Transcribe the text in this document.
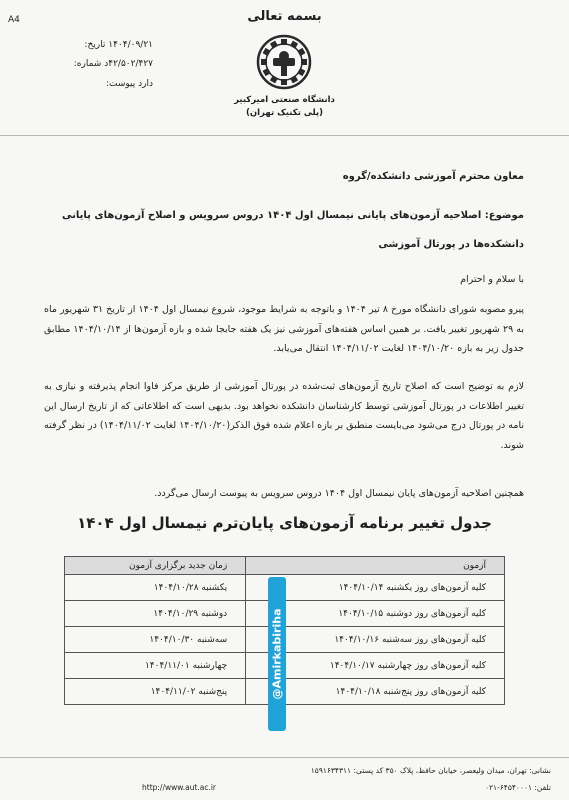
A4	بسمه تعالی
دانشگاه صنعتی امیرکبیر
(پلی تکنیک تهران)
تاریخ: ۱۴۰۴/۰۹/۲۱
شماره: ۴۲/۵۰۲/۴۲۷د
پیوست: دارد
معاون محترم آموزشی دانشکده/گروه
موضوع: اصلاحیه آزمون‌های پایانی نیمسال اول ۱۴۰۴ دروس سرویس و اصلاح آزمون‌های پایانی دانشکده‌ها در پورتال آموزشی
با سلام و احترام
پیرو مصوبه شورای دانشگاه مورخ ۸ تیر ۱۴۰۴ و باتوجه به شرایط موجود، شروع نیمسال اول ۱۴۰۴ از تاریخ ۳۱ شهریور ماه به ۲۹ شهریور تغییر یافت. بر همین اساس هفته‌های آموزشی نیز یک هفته جابجا شده و بازه آزمون‌ها از ۱۴۰۴/۱۰/۱۴ مطابق جدول زیر به بازه ۱۴۰۴/۱۰/۲۰ لغایت ۱۴۰۴/۱۱/۰۲ انتقال می‌یابد.
لازم به توضیح است که اصلاح تاریخ آزمون‌های ثبت‌شده در پورتال آموزشی از طریق مرکز فاوا انجام پذیرفته و نیازی به تغییر اطلاعات در پورتال آموزشی توسط کارشناسان دانشکده نخواهد بود. بدیهی است که اطلاعاتی که از تاریخ ارسال این نامه در پورتال درج می‌شود می‌بایست منطبق بر بازه اعلام شده فوق الذکر(۱۴۰۴/۱۰/۲۰ لغایت ۱۴۰۴/۱۱/۰۲) در نظر گرفته شوند.
همچنین اصلاحیه آزمون‌های پایان نیمسال اول ۱۴۰۴ دروس سرویس به پیوست ارسال می‌گردد.
جدول تغییر برنامه آزمون‌های پایان‌ترم نیمسال اول ۱۴۰۴
آزمون	زمان جدید برگزاری آزمون
کلیه آزمون‌های روز یکشنبه ۱۴۰۴/۱۰/۱۴	یکشنبه ۱۴۰۴/۱۰/۲۸
کلیه آزمون‌های روز دوشنبه ۱۴۰۴/۱۰/۱۵	دوشنبه ۱۴۰۴/۱۰/۲۹
کلیه آزمون‌های روز سه‌شنبه ۱۴۰۴/۱۰/۱۶	سه‌شنبه ۱۴۰۴/۱۰/۳۰
کلیه آزمون‌های روز چهارشنبه ۱۴۰۴/۱۰/۱۷	چهارشنبه ۱۴۰۴/۱۱/۰۱
کلیه آزمون‌های روز پنج‌شنبه ۱۴۰۴/۱۰/۱۸	پنج‌شنبه ۱۴۰۴/۱۱/۰۲	@Amirkabiriha
نشانی: تهران، میدان ولیعصر، خیابان حافظ، پلاک ۳۵۰ کد پستی: ۱۵۹۱۶۳۴۳۱۱
تلفن: ۶۴۵۴۰۰۰۱-۰۲۱
http://www.aut.ac.ir
